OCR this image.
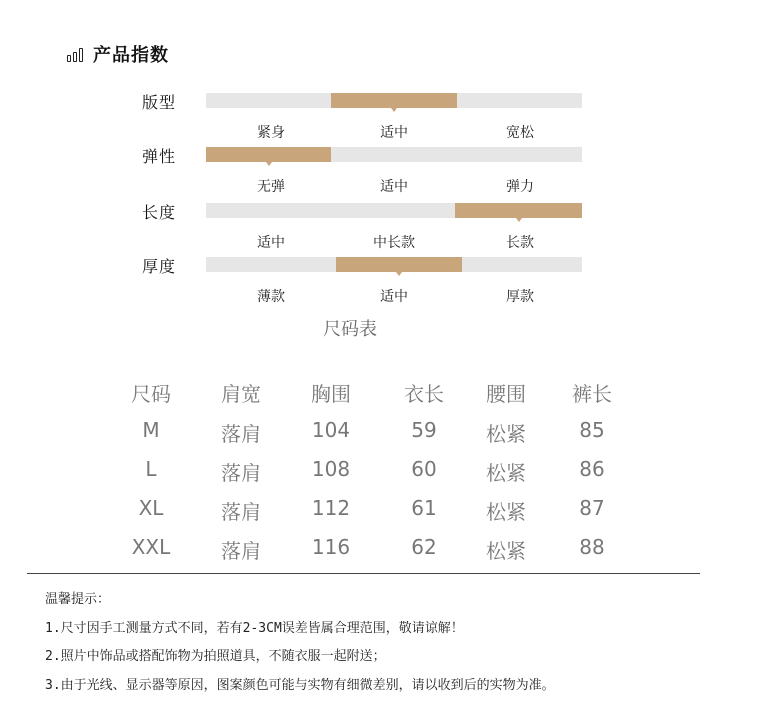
产品指数
版型
紧身	适中	宽松
弹性
无弹	适中	弹力
长度
适中	中长款	长款
厚度
薄款	适中	厚款
尺码表
尺码	肩宽	胸围	衣长	腰围	裤长
M	落肩	104	59	松紧	85
L	落肩	108	60	松紧	86
XL	落肩	112	61	松紧	87
XXL	落肩	116	62	松紧	88
温馨提示：
1.尺寸因手工测量方式不同，若有2-3CM误差皆属合理范围，敬请谅解！
2.照片中饰品或搭配饰物为拍照道具，不随衣服一起附送；
3.由于光线、显示器等原因，图案颜色可能与实物有细微差别，请以收到后的实物为准。
